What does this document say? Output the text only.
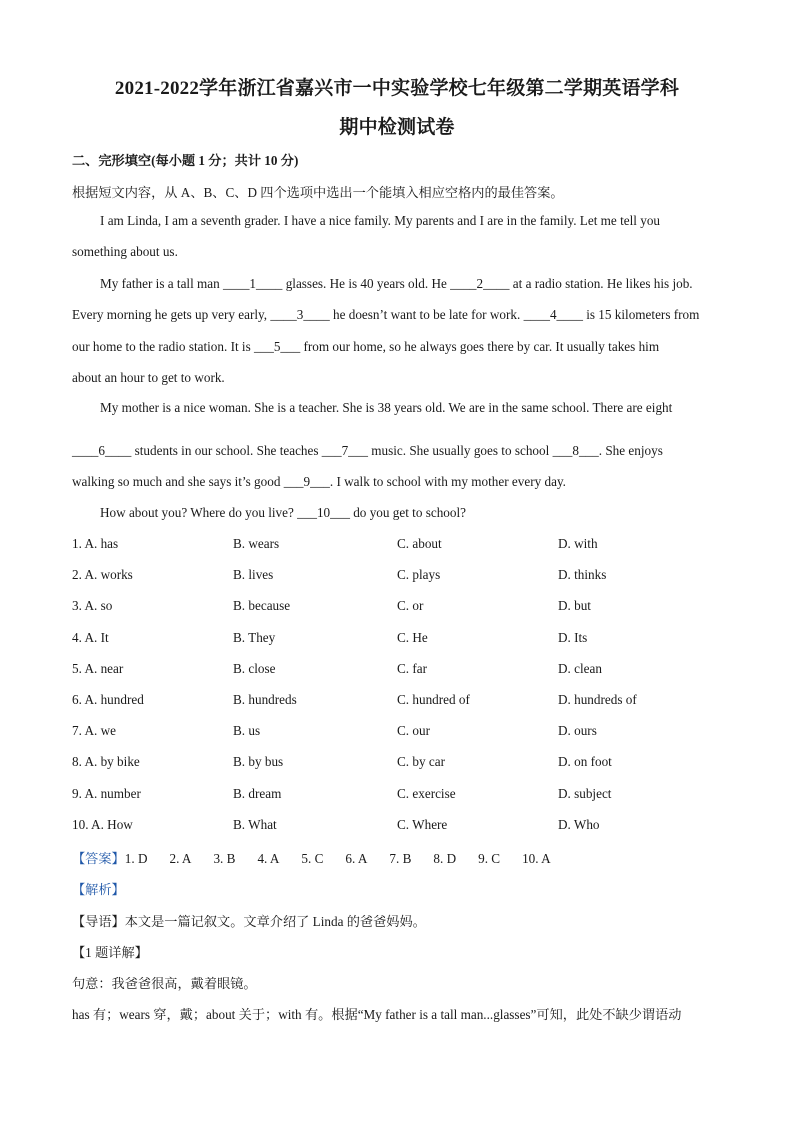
2021-2022学年浙江省嘉兴市一中实验学校七年级第二学期英语学科
期中检测试卷
二、完形填空(每小题 1 分；共计 10 分)
根据短文内容，从 A、B、C、D 四个选项中选出一个能填入相应空格内的最佳答案。
I am Linda, I am a seventh grader. I have a nice family. My parents and I are in the family. Let me tell you
something about us.
My father is a tall man ____1____ glasses. He is 40 years old. He ____2____ at a radio station. He likes his job.
Every morning he gets up very early, ____3____ he doesn’t want to be late for work. ____4____ is 15 kilometers from
our home to the radio station. It is ___5___ from our home, so he always goes there by car. It usually takes him
about an hour to get to work.
My mother is a nice woman. She is a teacher. She is 38 years old. We are in the same school. There are eight
____6____ students in our school. She teaches ___7___ music. She usually goes to school ___8___. She enjoys
walking so much and she says it’s good ___9___. I walk to school with my mother every day.
How about you? Where do you live? ___10___ do you get to school?
1. A. has	B. wears	C. about	D. with
2. A. works	B. lives	C. plays	D. thinks
3. A. so	B. because	C. or	D. but
4. A. It	B. They	C. He	D. Its
5. A. near	B. close	C. far	D. clean
6. A. hundred	B. hundreds	C. hundred of	D. hundreds of
7. A. we	B. us	C. our	D. ours
8. A. by bike	B. by bus	C. by car	D. on foot
9. A. number	B. dream	C. exercise	D. subject
10. A. How	B. What	C. Where	D. Who
【答案】1. D 2. A 3. B 4. A 5. C 6. A 7. B 8. D 9. C 10. A
【解析】
【导语】本文是一篇记叙文。文章介绍了 Linda 的爸爸妈妈。
【1 题详解】
句意：我爸爸很高，戴着眼镜。
has 有；wears 穿，戴；about 关于；with 有。根据“My father is a tall man...glasses”可知，此处不缺少谓语动
